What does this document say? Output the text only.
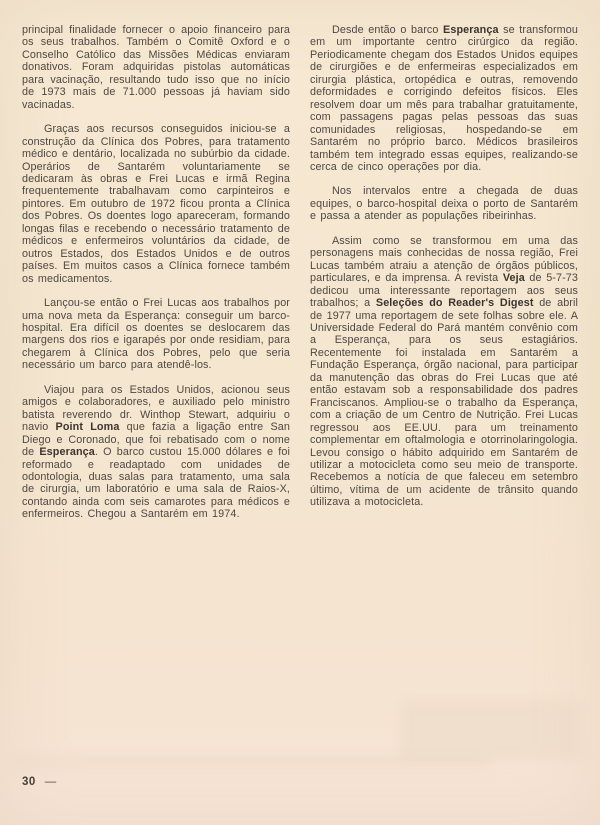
principal finalidade fornecer o apoio financeiro para os seus trabalhos. Também o Comitê Oxford e o Conselho Católico das Missões Médicas enviaram donativos. Foram adquiridas pistolas automáticas para vacinação, resultando tudo isso que no início de 1973 mais de 71.000 pessoas já haviam sido vacinadas.

Graças aos recursos conseguidos iniciou-se a construção da Clínica dos Pobres, para tratamento médico e dentário, localizada no subúrbio da cidade. Operários de Santarém voluntariamente se dedicaram às obras e Frei Lucas e irmã Regina frequentemente trabalhavam como carpinteiros e pintores. Em outubro de 1972 ficou pronta a Clínica dos Pobres. Os doentes logo apareceram, formando longas filas e recebendo o necessário tratamento de médicos e enfermeiros voluntários da cidade, de outros Estados, dos Estados Unidos e de outros países. Em muitos casos a Clínica fornece também os medicamentos.

Lançou-se então o Frei Lucas aos trabalhos por uma nova meta da Esperança: conseguir um barco-hospital. Era difícil os doentes se deslocarem das margens dos rios e igarapés por onde residiam, para chegarem à Clínica dos Pobres, pelo que seria necessário um barco para atendê-los.

Viajou para os Estados Unidos, acionou seus amigos e colaboradores, e auxiliado pelo ministro batista reverendo dr. Winthop Stewart, adquiriu o navio Point Loma que fazia a ligação entre San Diego e Coronado, que foi rebatisado com o nome de Esperança. O barco custou 15.000 dólares e foi reformado e readaptado com unidades de odontologia, duas salas para tratamento, uma sala de cirurgia, um laboratório e uma sala de Raios-X, contando ainda com seis camarotes para médicos e enfermeiros. Chegou a Santarém em 1974.

Desde então o barco Esperança se transformou em um importante centro cirúrgico da região. Periodicamente chegam dos Estados Unidos equipes de cirurgiões e de enfermeiras especializados em cirurgia plástica, ortopédica e outras, removendo deformidades e corrigindo defeitos físicos. Eles resolvem doar um mês para trabalhar gratuitamente, com passagens pagas pelas pessoas das suas comunidades religiosas, hospedando-se em Santarém no próprio barco. Médicos brasileiros também tem integrado essas equipes, realizando-se cerca de cinco operações por dia.

Nos intervalos entre a chegada de duas equipes, o barco-hospital deixa o porto de Santarém e passa a atender as populações ribeirinhas.

Assim como se transformou em uma das personagens mais conhecidas de nossa região, Frei Lucas também atraiu a atenção de órgãos públicos, particulares, e da imprensa. A revista Veja de 5-7-73 dedicou uma interessante reportagem aos seus trabalhos; a Seleções do Reader's Digest de abril de 1977 uma reportagem de sete folhas sobre ele. A Universidade Federal do Pará mantém convênio com a Esperança, para os seus estagiários. Recentemente foi instalada em Santarém a Fundação Esperança, órgão nacional, para participar da manutenção das obras do Frei Lucas que até então estavam sob a responsabilidade dos padres Franciscanos. Ampliou-se o trabalho da Esperança, com a criação de um Centro de Nutrição. Frei Lucas regressou aos EE.UU. para um treinamento complementar em oftalmologia e otorrinolaringologia. Levou consigo o hábito adquirido em Santarém de utilizar a motocicleta como seu meio de transporte. Recebemos a notícia de que faleceu em setembro último, vítima de um acidente de trânsito quando utilizava a motocicleta.

30 —
